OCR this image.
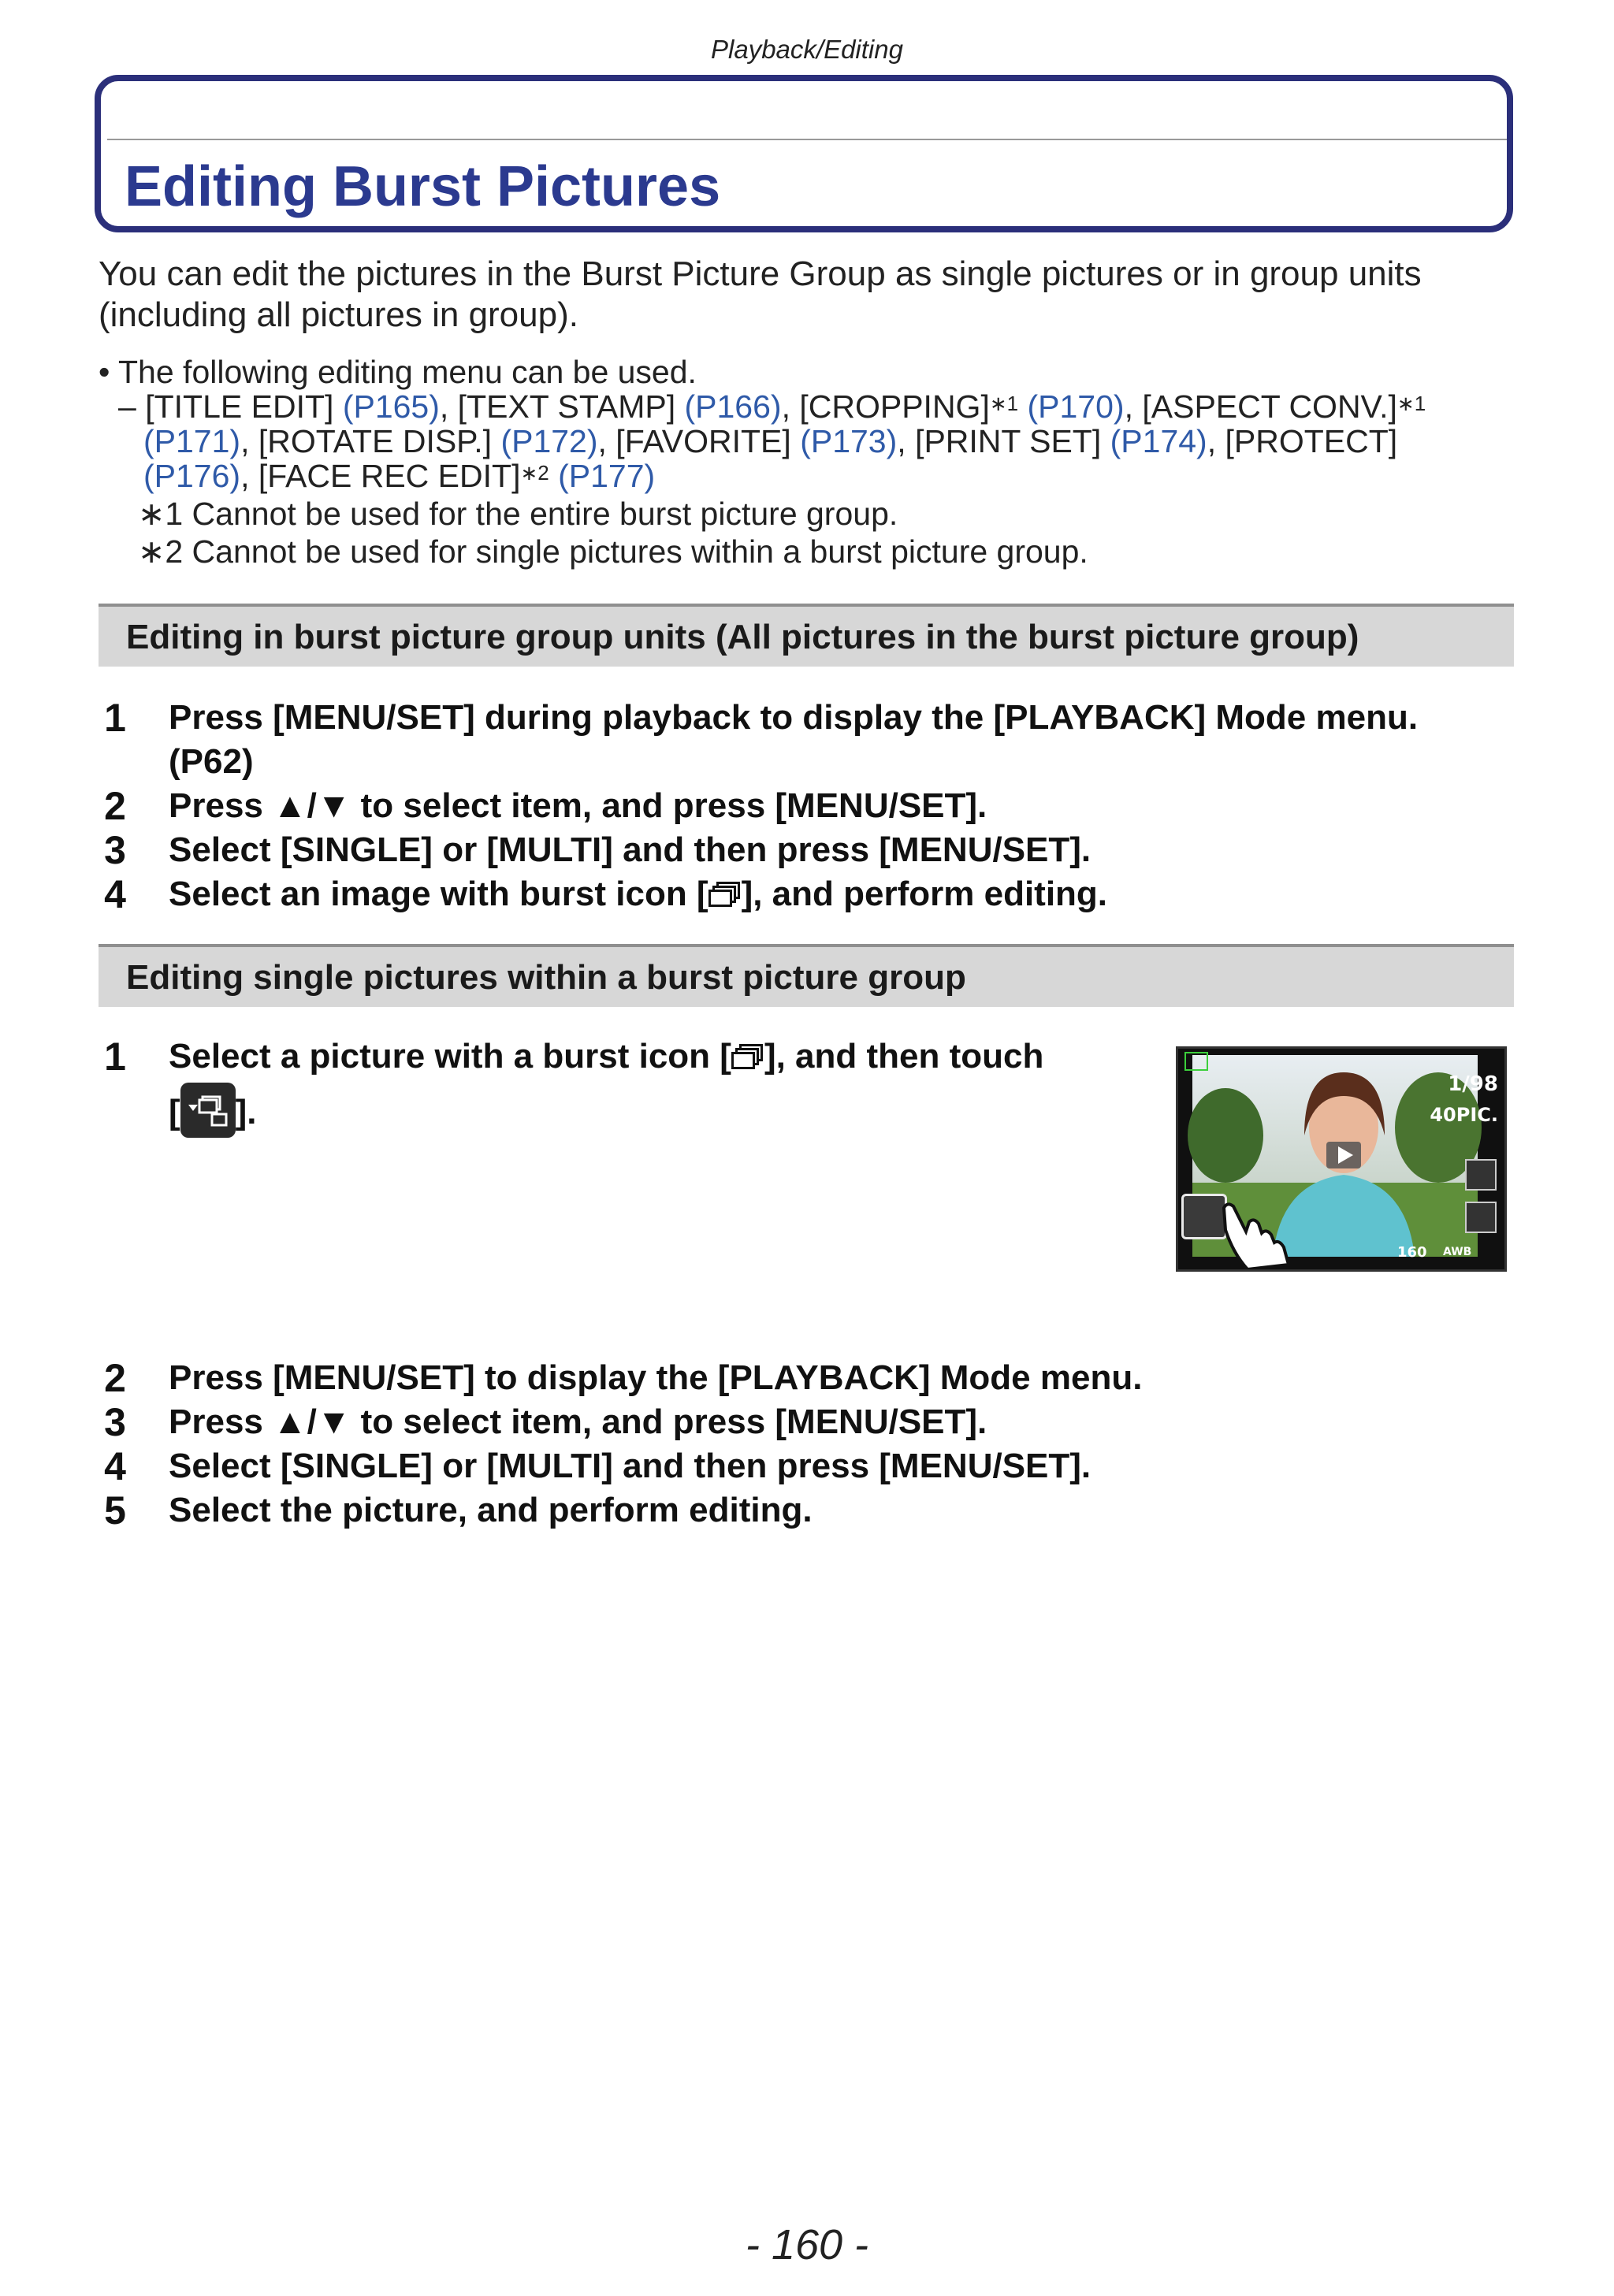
Playback/Editing
Editing Burst Pictures
You can edit the pictures in the Burst Picture Group as single pictures or in group units
(including all pictures in group).
• The following editing menu can be used.
– [TITLE EDIT] (P165), [TEXT STAMP] (P166), [CROPPING]$^{∗1}$ (P170), [ASPECT CONV.]$^{∗1}$
(P171), [ROTATE DISP.] (P172), [FAVORITE] (P173), [PRINT SET] (P174), [PROTECT]
(P176), [FACE REC EDIT]$^{∗2}$ (P177)
∗1 Cannot be used for the entire burst picture group.
∗2 Cannot be used for single pictures within a burst picture group.
Editing in burst picture group units (All pictures in the burst picture group)
1 Press [MENU/SET] during playback to display the [PLAYBACK] Mode menu.
(P62)
2 Press ▲/▼ to select item, and press [MENU/SET].
3 Select [SINGLE] or [MULTI] and then press [MENU/SET].
4 Select an image with burst icon [ ], and perform editing.
Editing single pictures within a burst picture group
1 Select a picture with a burst icon [ ], and then touch
[ ].
1/98
40PIC.
160 AWB
2 Press [MENU/SET] to display the [PLAYBACK] Mode menu.
3 Press ▲/▼ to select item, and press [MENU/SET].
4 Select [SINGLE] or [MULTI] and then press [MENU/SET].
5 Select the picture, and perform editing.
- 160 -
